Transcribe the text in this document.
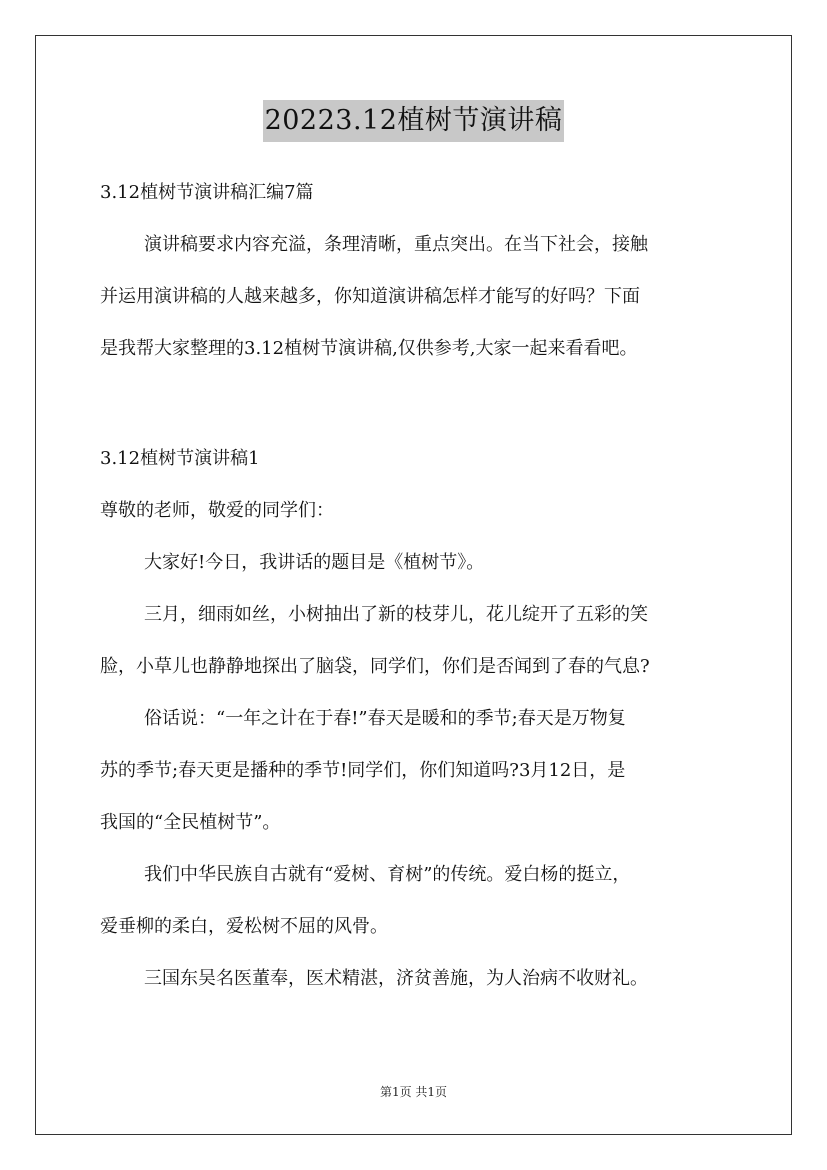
20223.12植树节演讲稿
3.12植树节演讲稿汇编7篇
演讲稿要求内容充溢，条理清晰，重点突出。在当下社会，接触
并运用演讲稿的人越来越多，你知道演讲稿怎样才能写的好吗？下面
是我帮大家整理的3.12植树节演讲稿,仅供参考,大家一起来看看吧。
3.12植树节演讲稿1
尊敬的老师，敬爱的同学们：
大家好!今日，我讲话的题目是《植树节》。
三月，细雨如丝，小树抽出了新的枝芽儿，花儿绽开了五彩的笑
脸，小草儿也静静地探出了脑袋，同学们，你们是否闻到了春的气息?
俗话说：“一年之计在于春!”春天是暖和的季节;春天是万物复
苏的季节;春天更是播种的季节!同学们，你们知道吗?3月12日，是
我国的“全民植树节”。
我们中华民族自古就有“爱树、育树”的传统。爱白杨的挺立，
爱垂柳的柔白，爱松树不屈的风骨。
三国东吴名医董奉，医术精湛，济贫善施，为人治病不收财礼。
第1页 共1页
